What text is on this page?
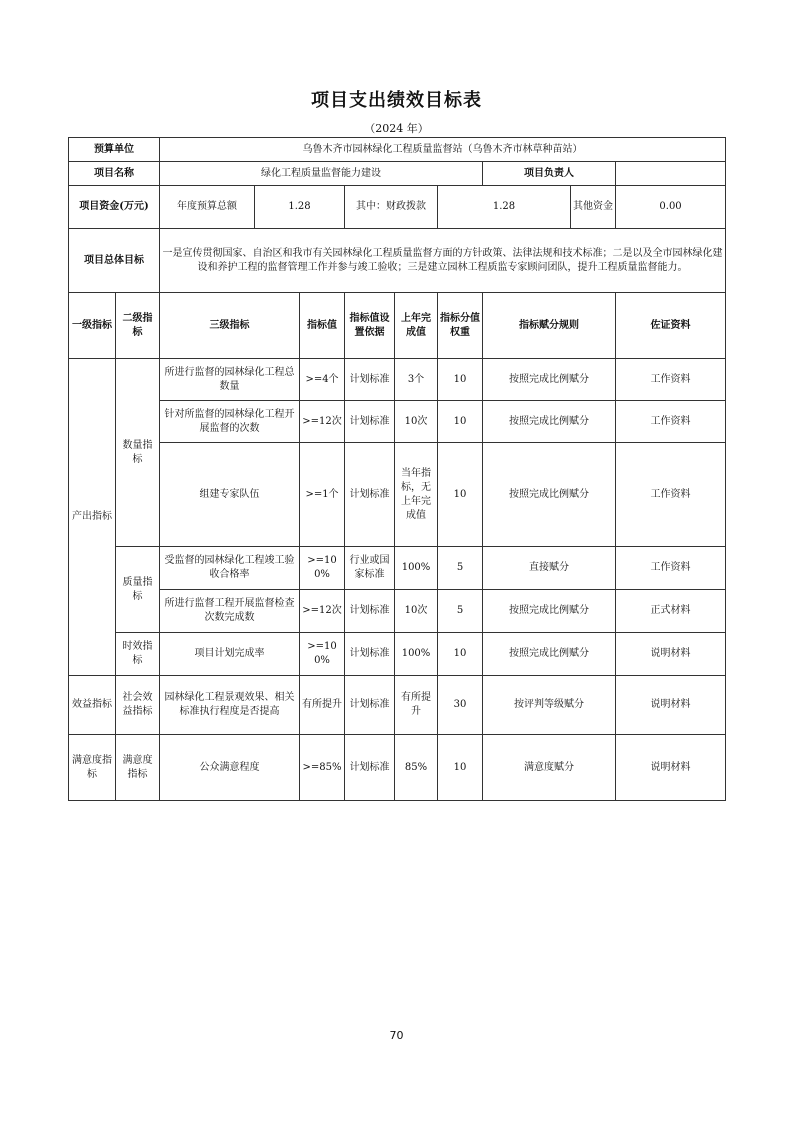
项目支出绩效目标表
（2024 年）
预算单位		乌鲁木齐市园林绿化工程质量监督站（乌鲁木齐市林草种苗站）								
项目名称		绿化工程质量监督能力建设						项目负责人		
项目资金(万元)		年度预算总额	1.28		其中：财政拨款		1.28		其他资金	0.00
项目总体目标		一是宣传贯彻国家、自治区和我市有关园林绿化工程质量监督方面的方针政策、法律法规和技术标准；二是以及全市园林绿化建设和养护工程的监督管理工作并参与竣工验收；三是建立园林工程质监专家顾问团队，提升工程质量监督能力。								
一级指标	二级指标	三级指标		指标值	指标值设置依据	上年完成值	指标分值权重	指标赋分规则		佐证资料
产出指标	数量指标	所进行监督的园林绿化工程总数量		>=4个	计划标准	3个	10	按照完成比例赋分		工作资料
		针对所监督的园林绿化工程开展监督的次数		>=12次	计划标准	10次	10	按照完成比例赋分		工作资料
		组建专家队伍		>=1个	计划标准	当年指标，无上年完成值	10	按照完成比例赋分		工作资料
	质量指标	受监督的园林绿化工程竣工验收合格率		>=100%	行业或国家标准	100%	5	直接赋分		工作资料
		所进行监督工程开展监督检查次数完成数		>=12次	计划标准	10次	5	按照完成比例赋分		正式材料
	时效指标	项目计划完成率		>=100%	计划标准	100%	10	按照完成比例赋分		说明材料
效益指标	社会效益指标	园林绿化工程景观效果、相关标准执行程度是否提高		有所提升	计划标准	有所提升	30	按评判等级赋分		说明材料
满意度指标	满意度指标	公众满意程度		>=85%	计划标准	85%	10	满意度赋分		说明材料
70
